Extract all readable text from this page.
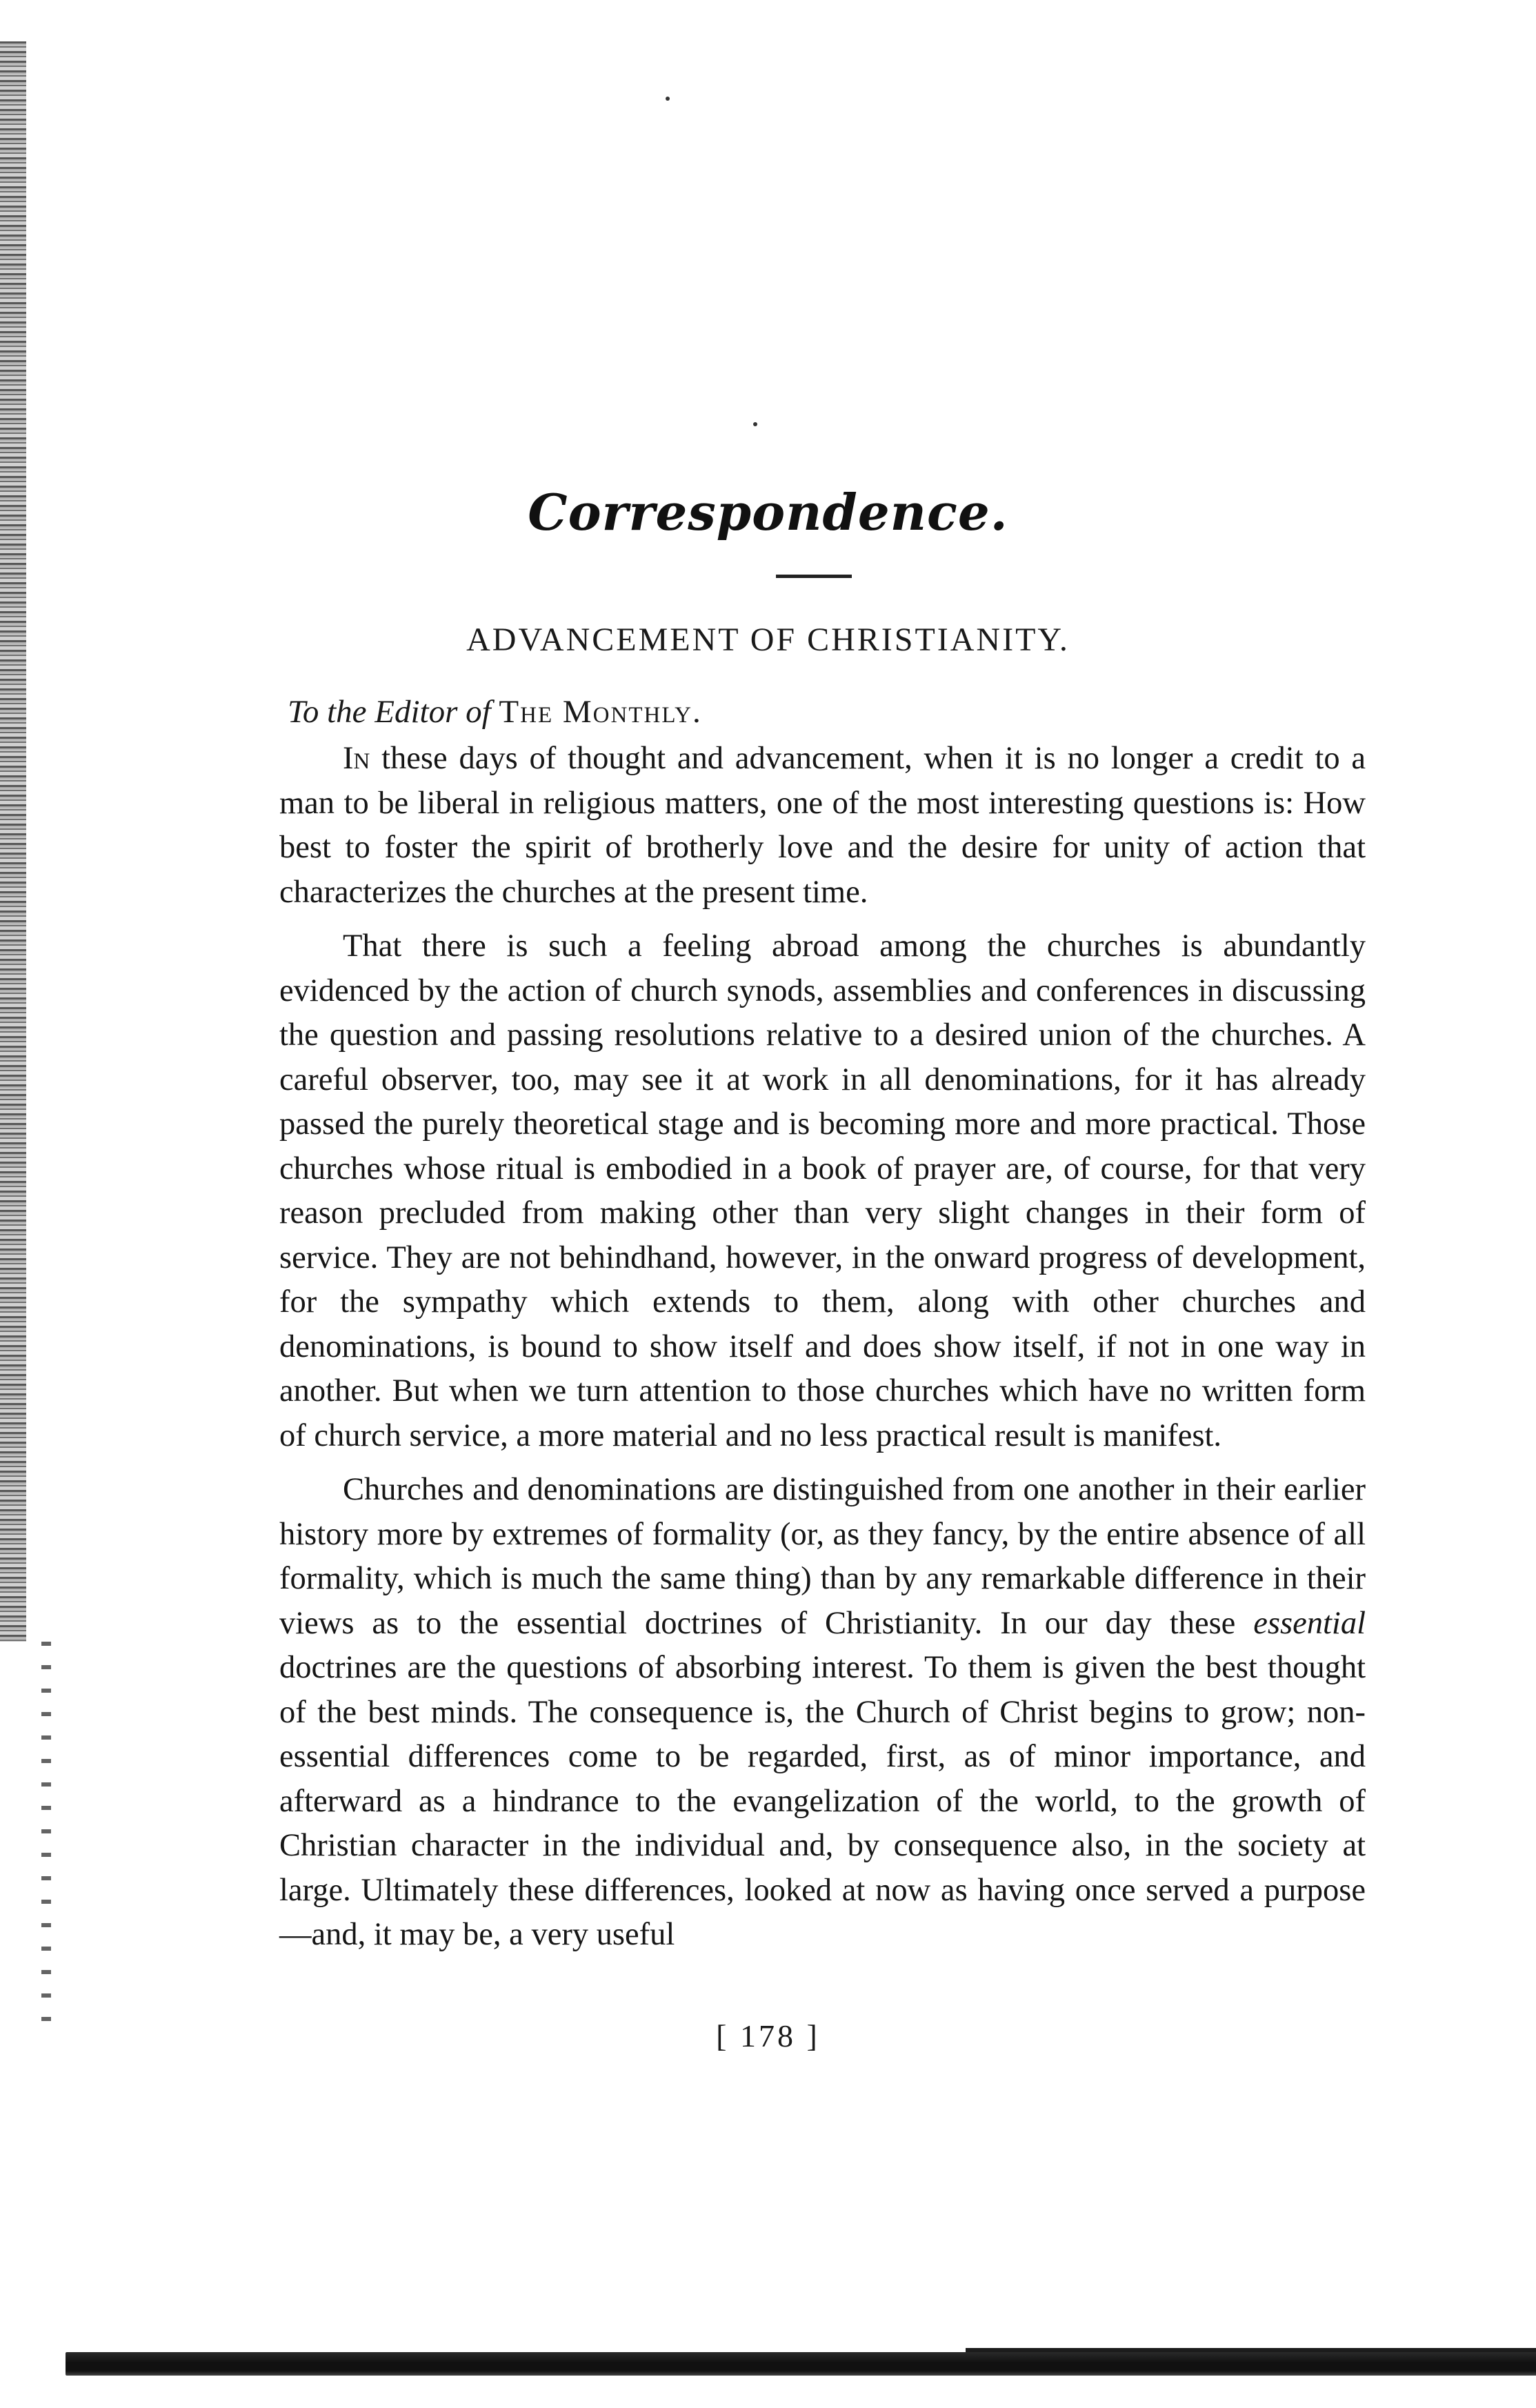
Correspondence.
ADVANCEMENT OF CHRISTIANITY.
To the Editor of The Monthly.

In these days of thought and advancement, when it is no longer a credit to a man to be liberal in religious matters, one of the most interesting questions is: How best to foster the spirit of brotherly love and the desire for unity of action that characterizes the churches at the present time.

That there is such a feeling abroad among the churches is abundantly evidenced by the action of church synods, assemblies and conferences in discussing the question and passing resolutions relative to a desired union of the churches. A careful observer, too, may see it at work in all denominations, for it has already passed the purely theoretical stage and is becoming more and more practical. Those churches whose ritual is embodied in a book of prayer are, of course, for that very reason precluded from making other than very slight changes in their form of service. They are not behindhand, however, in the onward progress of development, for the sympathy which extends to them, along with other churches and denominations, is bound to show itself and does show itself, if not in one way in another. But when we turn attention to those churches which have no written form of church service, a more material and no less practical result is manifest.

Churches and denominations are distinguished from one another in their earlier history more by extremes of formality (or, as they fancy, by the entire absence of all formality, which is much the same thing) than by any remarkable difference in their views as to the essential doctrines of Christianity. In our day these essential doctrines are the questions of absorbing interest. To them is given the best thought of the best minds. The consequence is, the Church of Christ begins to grow; non-essential differences come to be regarded, first, as of minor importance, and afterward as a hindrance to the evangelization of the world, to the growth of Christian character in the individual and, by consequence also, in the society at large. Ultimately these differences, looked at now as having once served a purpose—and, it may be, a very useful

[ 178 ]
